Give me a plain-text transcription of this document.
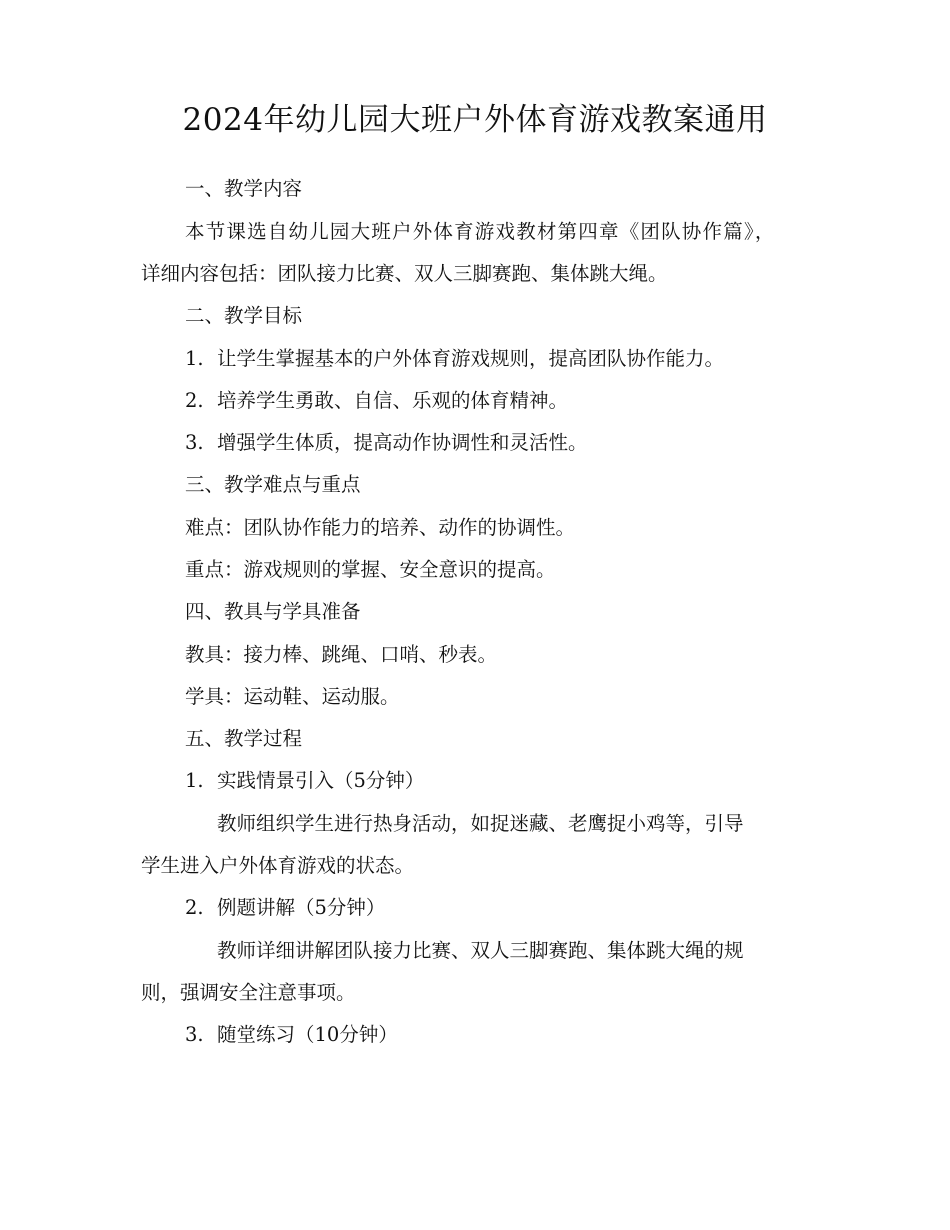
2024年幼儿园大班户外体育游戏教案通用

一、教学内容

本节课选自幼儿园大班户外体育游戏教材第四章《团队协作篇》，

详细内容包括：团队接力比赛、双人三脚赛跑、集体跳大绳。

二、教学目标

1. 让学生掌握基本的户外体育游戏规则，提高团队协作能力。

2. 培养学生勇敢、自信、乐观的体育精神。

3. 增强学生体质，提高动作协调性和灵活性。

三、教学难点与重点

难点：团队协作能力的培养、动作的协调性。

重点：游戏规则的掌握、安全意识的提高。

四、教具与学具准备

教具：接力棒、跳绳、口哨、秒表。

学具：运动鞋、运动服。

五、教学过程

1. 实践情景引入（5分钟）

教师组织学生进行热身活动，如捉迷藏、老鹰捉小鸡等，引导

学生进入户外体育游戏的状态。

2. 例题讲解（5分钟）

教师详细讲解团队接力比赛、双人三脚赛跑、集体跳大绳的规

则，强调安全注意事项。

3. 随堂练习（10分钟）
